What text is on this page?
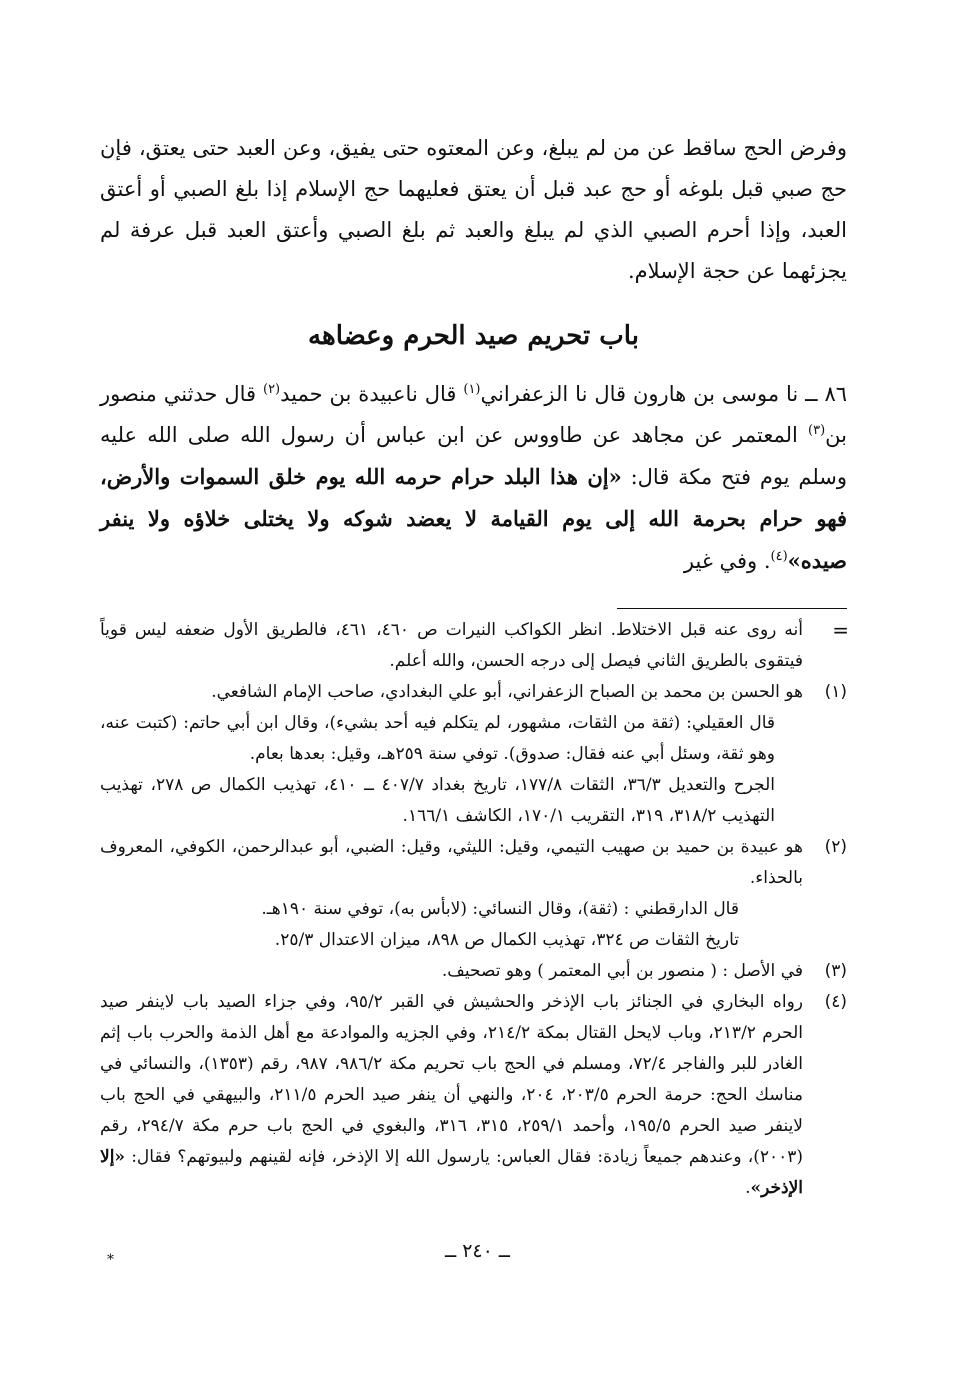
وفرض الحج ساقط عن من لم يبلغ، وعن المعتوه حتى يفيق، وعن العبد حتى يعتق، فإن حج صبي قبل بلوغه أو حج عبد قبل أن يعتق فعليهما حج الإسلام إذا بلغ الصبي أو أعتق العبد، وإذا أحرم الصبي الذي لم يبلغ والعبد ثم بلغ الصبي وأعتق العبد قبل عرفة لم يجزئهما عن حجة الإسلام.

باب تحريم صيد الحرم وعضاهه

٨٦ ــ نا موسى بن هارون قال نا الزعفراني$^{(١)}$ قال ناعبيدة بن حميد$^{(٢)}$ قال حدثني منصور بن$^{(٣)}$ المعتمر عن مجاهد عن طاووس عن ابن عباس أن رسول الله صلى الله عليه وسلم يوم فتح مكة قال: «إن هذا البلد حرام حرمه الله يوم خلق السموات والأرض، فهو حرام بحرمة الله إلى يوم القيامة لا يعضد شوكه ولا يختلى خلاؤه ولا ينفر صيده»$^{(٤)}$. وفي غير

=

أنه روى عنه قبل الاختلاط. انظر الكواكب النيرات ص ٤٦٠، ٤٦١، فالطريق الأول ضعفه ليس قوياً فيتقوى بالطريق الثاني فيصل إلى درجه الحسن، والله أعلم.

(١)

هو الحسن بن محمد بن الصباح الزعفراني، أبو علي البغدادي، صاحب الإمام الشافعي.

قال العقيلي: (ثقة من الثقات، مشهور، لم يتكلم فيه أحد بشيء)، وقال ابن أبي حاتم: (كتبت عنه، وهو ثقة، وسئل أبي عنه فقال: صدوق). توفي سنة ٢٥٩هـ، وقيل: بعدها بعام.

الجرح والتعديل ٣٦/٣، الثقات ١٧٧/٨، تاريخ بغداد ٤٠٧/٧ ــ ٤١٠، تهذيب الكمال ص ٢٧٨، تهذيب التهذيب ٣١٨/٢، ٣١٩، التقريب ١٧٠/١، الكاشف ١٦٦/١.

(٢)

هو عبيدة بن حميد بن صهيب التيمي، وقيل: الليثي، وقيل: الضبي، أبو عبدالرحمن، الكوفي، المعروف بالحذاء.

قال الدارقطني : (ثقة)، وقال النسائي: (لابأس به)، توفي سنة ١٩٠هـ.

تاريخ الثقات ص ٣٢٤، تهذيب الكمال ص ٨٩٨، ميزان الاعتدال ٢٥/٣.

(٣)

في الأصل : ( منصور بن أبي المعتمر ) وهو تصحيف.

(٤)

رواه البخاري في الجنائز باب الإذخر والحشيش في القبر ٩٥/٢، وفي جزاء الصيد باب لاينفر صيد الحرم ٢١٣/٢، وباب لايحل القتال بمكة ٢١٤/٢، وفي الجزيه والموادعة مع أهل الذمة والحرب باب إثم الغادر للبر والفاجر ٧٢/٤، ومسلم في الحج باب تحريم مكة ٩٨٦/٢، ٩٨٧، رقم (١٣٥٣)، والنسائي في مناسك الحج: حرمة الحرم ٢٠٣/٥، ٢٠٤، والنهي أن ينفر صيد الحرم ٢١١/٥، والبيهقي في الحج باب لاينفر صيد الحرم ١٩٥/٥، وأحمد ٢٥٩/١، ٣١٥، ٣١٦، والبغوي في الحج باب حرم مكة ٢٩٤/٧، رقم (٢٠٠٣)، وعندهم جميعاً زيادة: فقال العباس: يارسول الله إلا الإذخر، فإنه لقينهم ولبيوتهم؟ فقال: «إلا الإذخر».

ــ ٢٤٠ ــ
*
